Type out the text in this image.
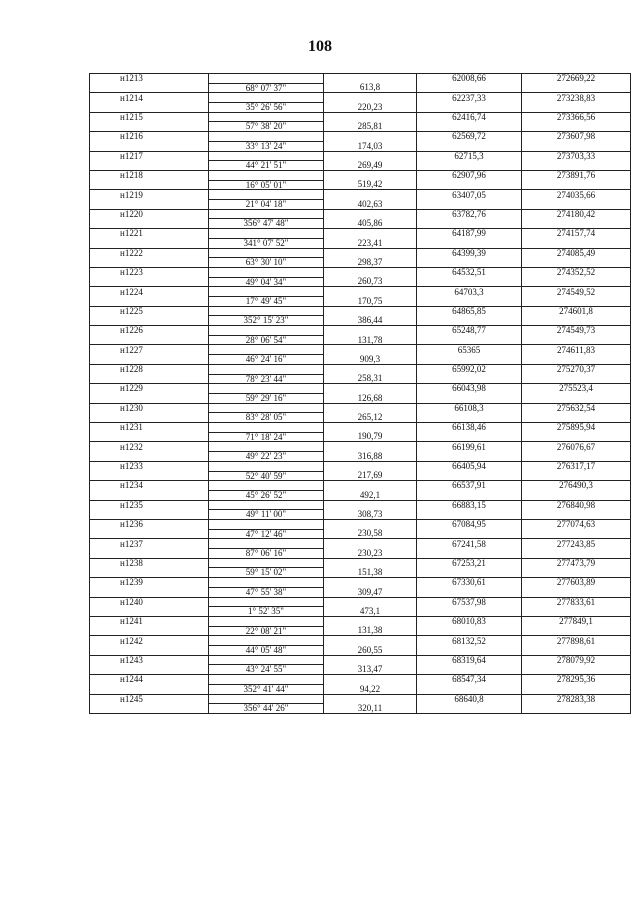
108
н1213			62008,66	272669,22
	68° 07' 37"	613,8		
н1214			62237,33	273238,83
	35° 26' 56"	220,23		
н1215			62416,74	273366,56
	57° 38' 20"	285,81		
н1216			62569,72	273607,98
	33° 13' 24"	174,03		
н1217			62715,3	273703,33
	44° 21' 51"	269,49		
н1218			62907,96	273891,76
	16° 05' 01"	519,42		
н1219			63407,05	274035,66
	21° 04' 18"	402,63		
н1220			63782,76	274180,42
	356° 47' 48"	405,86		
н1221			64187,99	274157,74
	341° 07' 52"	223,41		
н1222			64399,39	274085,49
	63° 30' 10"	298,37		
н1223			64532,51	274352,52
	49° 04' 34"	260,73		
н1224			64703,3	274549,52
	17° 49' 45"	170,75		
н1225			64865,85	274601,8
	352° 15' 23"	386,44		
н1226			65248,77	274549,73
	28° 06' 54"	131,78		
н1227			65365	274611,83
	46° 24' 16"	909,3		
н1228			65992,02	275270,37
	78° 23' 44"	258,31		
н1229			66043,98	275523,4
	59° 29' 16"	126,68		
н1230			66108,3	275632,54
	83° 28' 05"	265,12		
н1231			66138,46	275895,94
	71° 18' 24"	190,79		
н1232			66199,61	276076,67
	49° 22' 23"	316,88		
н1233			66405,94	276317,17
	52° 40' 59"	217,69		
н1234			66537,91	276490,3
	45° 26' 52"	492,1		
н1235			66883,15	276840,98
	49° 11' 00"	308,73		
н1236			67084,95	277074,63
	47° 12' 46"	230,58		
н1237			67241,58	277243,85
	87° 06' 16"	230,23		
н1238			67253,21	277473,79
	59° 15' 02"	151,38		
н1239			67330,61	277603,89
	47° 55' 38"	309,47		
н1240			67537,98	277833,61
	1° 52' 35"	473,1		
н1241			68010,83	277849,1
	22° 08' 21"	131,38		
н1242			68132,52	277898,61
	44° 05' 48"	260,55		
н1243			68319,64	278079,92
	43° 24' 55"	313,47		
н1244			68547,34	278295,36
	352° 41' 44"	94,22		
н1245			68640,8	278283,38
	356° 44' 26"	320,11		
